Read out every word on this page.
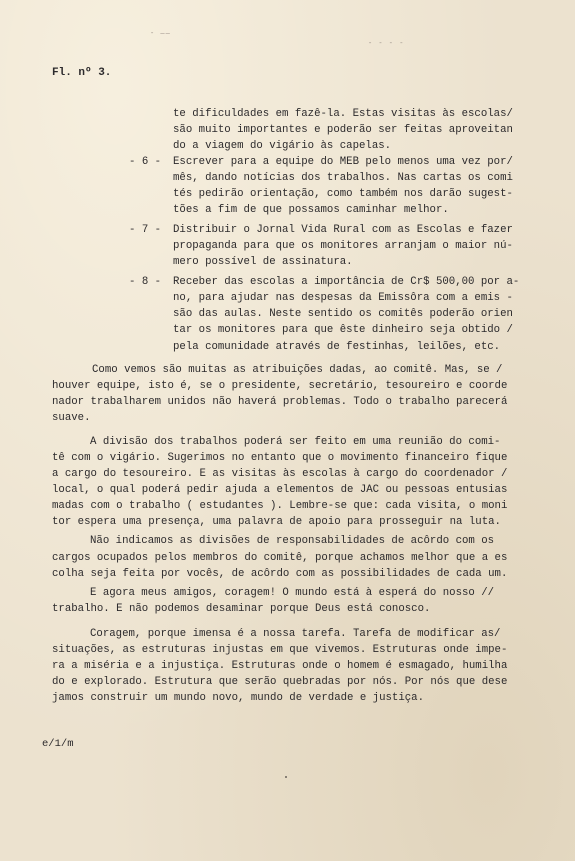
- ——
- - - -
Fl. nº 3.
te dificuldades em fazê-la. Estas visitas às escolas/
são muito importantes e poderão ser feitas aproveitan
do a viagem do vigário às capelas.
- 6 - Escrever para a equipe do MEB pelo menos uma vez por/
mês, dando notícias dos trabalhos. Nas cartas os comi
tés pedirão orientação, como também nos darão sugest-
tões a fim de que possamos caminhar melhor.
- 7 - Distribuir o Jornal Vida Rural com as Escolas e fazer
propaganda para que os monitores arranjam o maior nú-
mero possível de assinatura.
- 8 - Receber das escolas a importância de Cr$ 500,00 por a-
no, para ajudar nas despesas da Emissôra com a emis -
são das aulas. Neste sentido os comitês poderão orien
tar os monitores para que êste dinheiro seja obtido /
pela comunidade através de festinhas, leilões, etc.
Como vemos são muitas as atribuições dadas, ao comitê. Mas, se /
houver equipe, isto é, se o presidente, secretário, tesoureiro e coorde
nador trabalharem unidos não haverá problemas. Todo o trabalho parecerá
suave.
A divisão dos trabalhos poderá ser feito em uma reunião do comi-
tê com o vigário. Sugerimos no entanto que o movimento financeiro fique
a cargo do tesoureiro. E as visitas às escolas à cargo do coordenador /
local, o qual poderá pedir ajuda a elementos de JAC ou pessoas entusias
madas com o trabalho ( estudantes ). Lembre-se que: cada visita, o moni
tor espera uma presença, uma palavra de apoio para prosseguir na luta.
Não indicamos as divisões de responsabilidades de acôrdo com os
cargos ocupados pelos membros do comitê, porque achamos melhor que a es
colha seja feita por vocês, de acôrdo com as possibilidades de cada um.
E agora meus amigos, coragem! O mundo está à esperá do nosso //
trabalho. E não podemos desaminar porque Deus está conosco.
Coragem, porque imensa é a nossa tarefa. Tarefa de modificar as/
situações, as estruturas injustas em que vivemos. Estruturas onde impe-
ra a miséria e a injustiça. Estruturas onde o homem é esmagado, humilha
do e explorado. Estrutura que serão quebradas por nós. Por nós que dese
jamos construir um mundo novo, mundo de verdade e justiça.
e/1/m
